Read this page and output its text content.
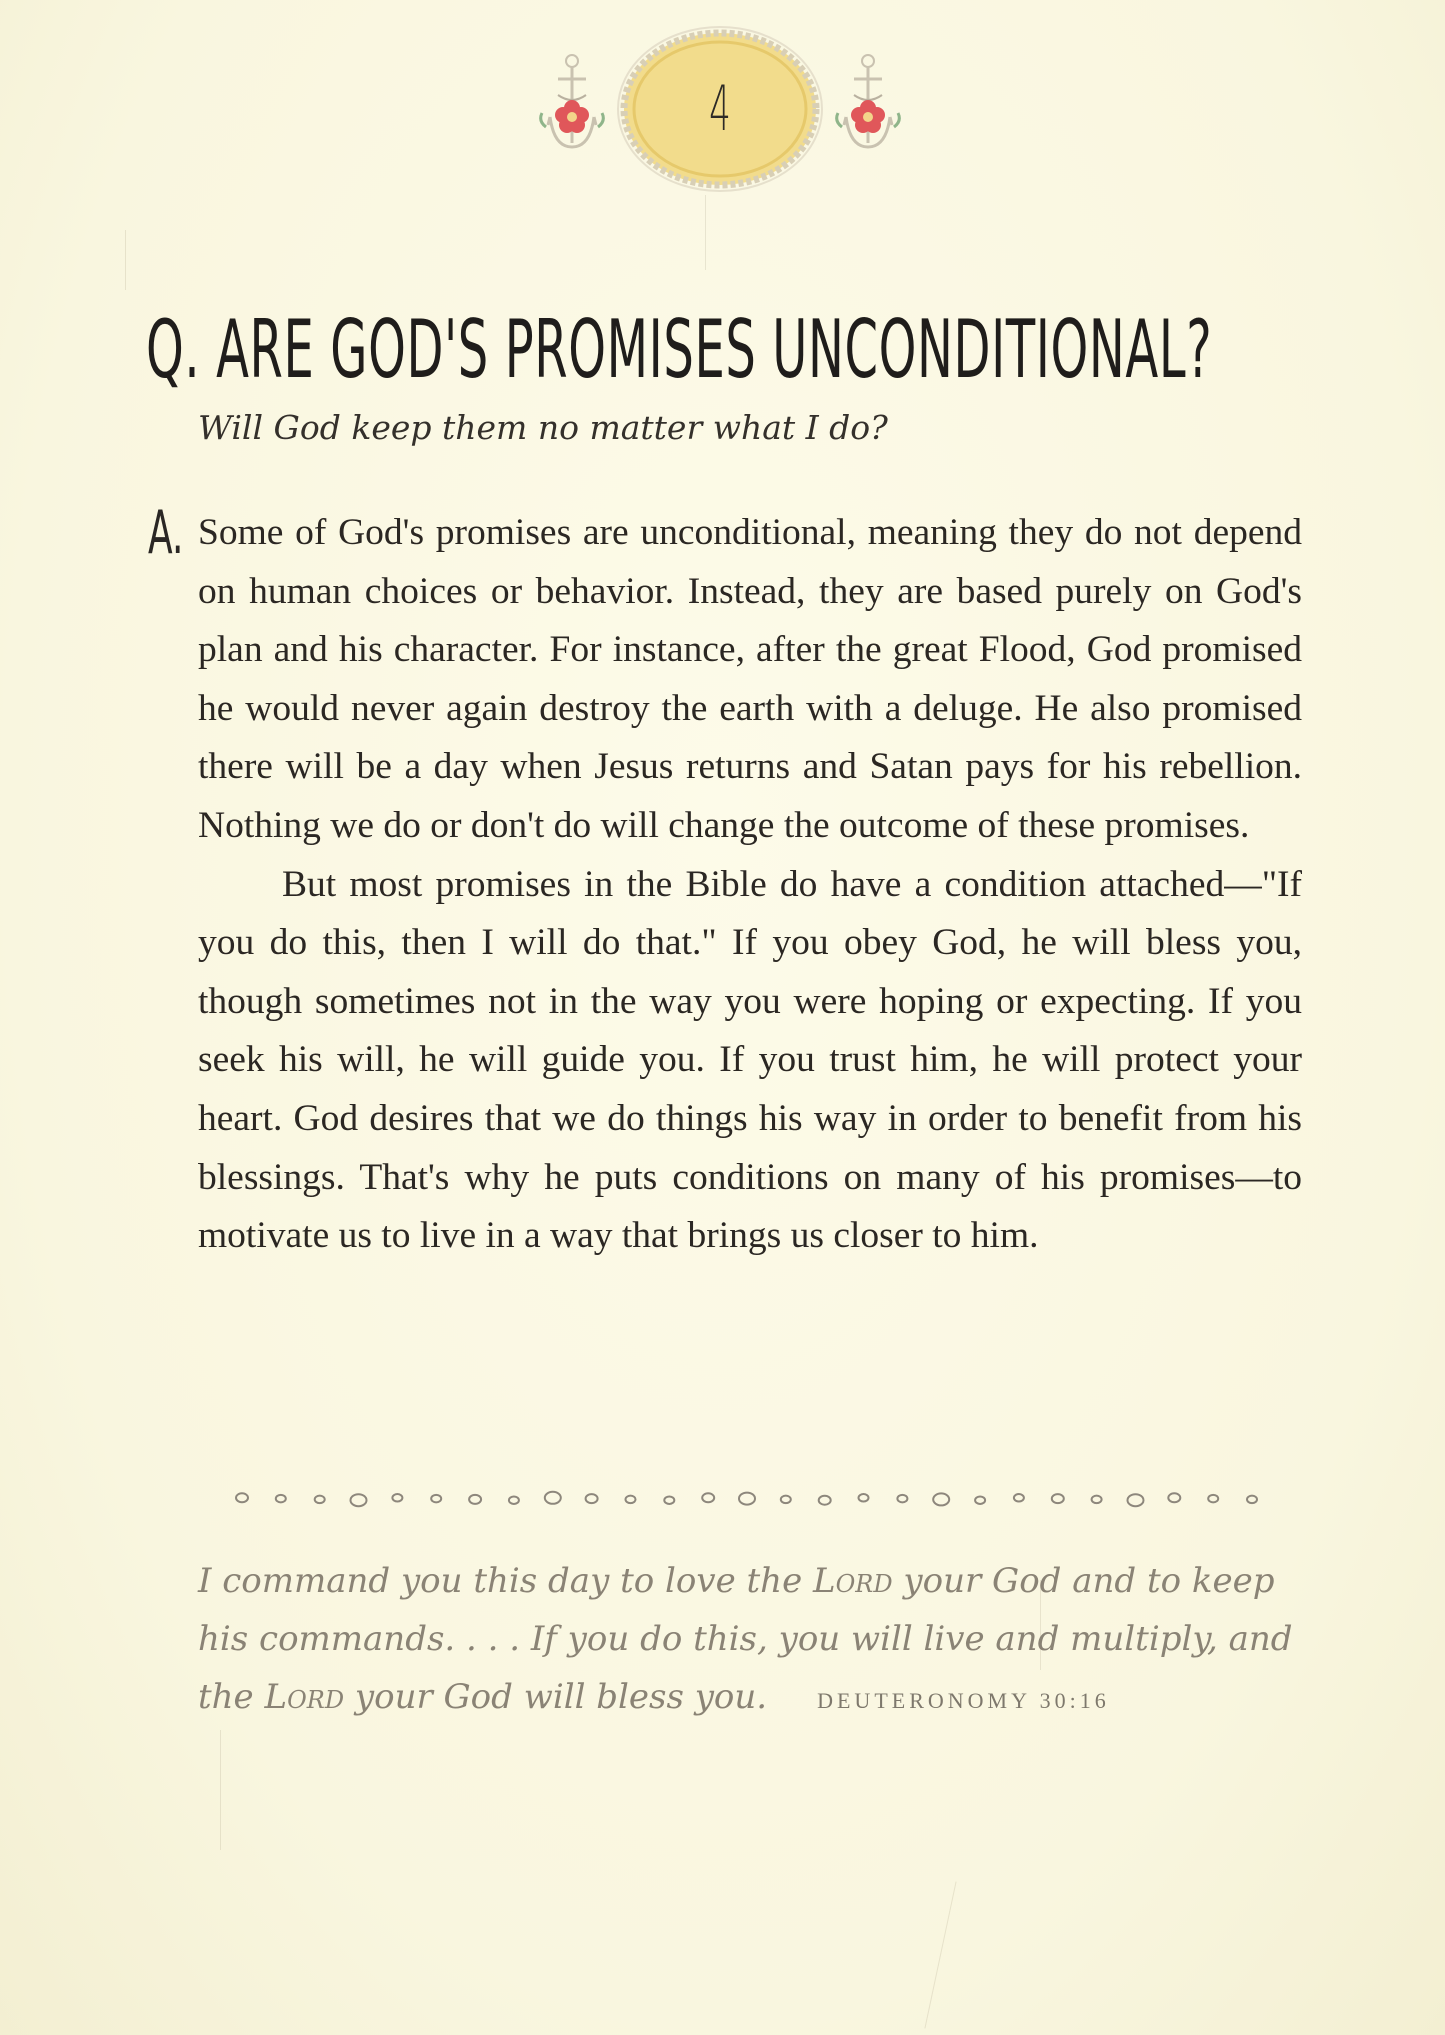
4
Q. ARE GOD'S PROMISES UNCONDITIONAL?
Will God keep them no matter what I do?
A. Some of God's promises are unconditional, meaning they do not depend on human choices or behavior. Instead, they are based purely on God's plan and his character. For instance, after the great Flood, God promised he would never again destroy the earth with a deluge. He also promised there will be a day when Jesus returns and Satan pays for his rebellion. Nothing we do or don't do will change the outcome of these promises.

But most promises in the Bible do have a condition attached—"If you do this, then I will do that." If you obey God, he will bless you, though sometimes not in the way you were hoping or expecting. If you seek his will, he will guide you. If you trust him, he will protect your heart. God desires that we do things his way in order to benefit from his blessings. That's why he puts conditions on many of his promises—to motivate us to live in a way that brings us closer to him.

I command you this day to love the Lord your God and to keep his commands. . . . If you do this, you will live and multiply, and the Lord your God will bless you. DEUTERONOMY 30:16
